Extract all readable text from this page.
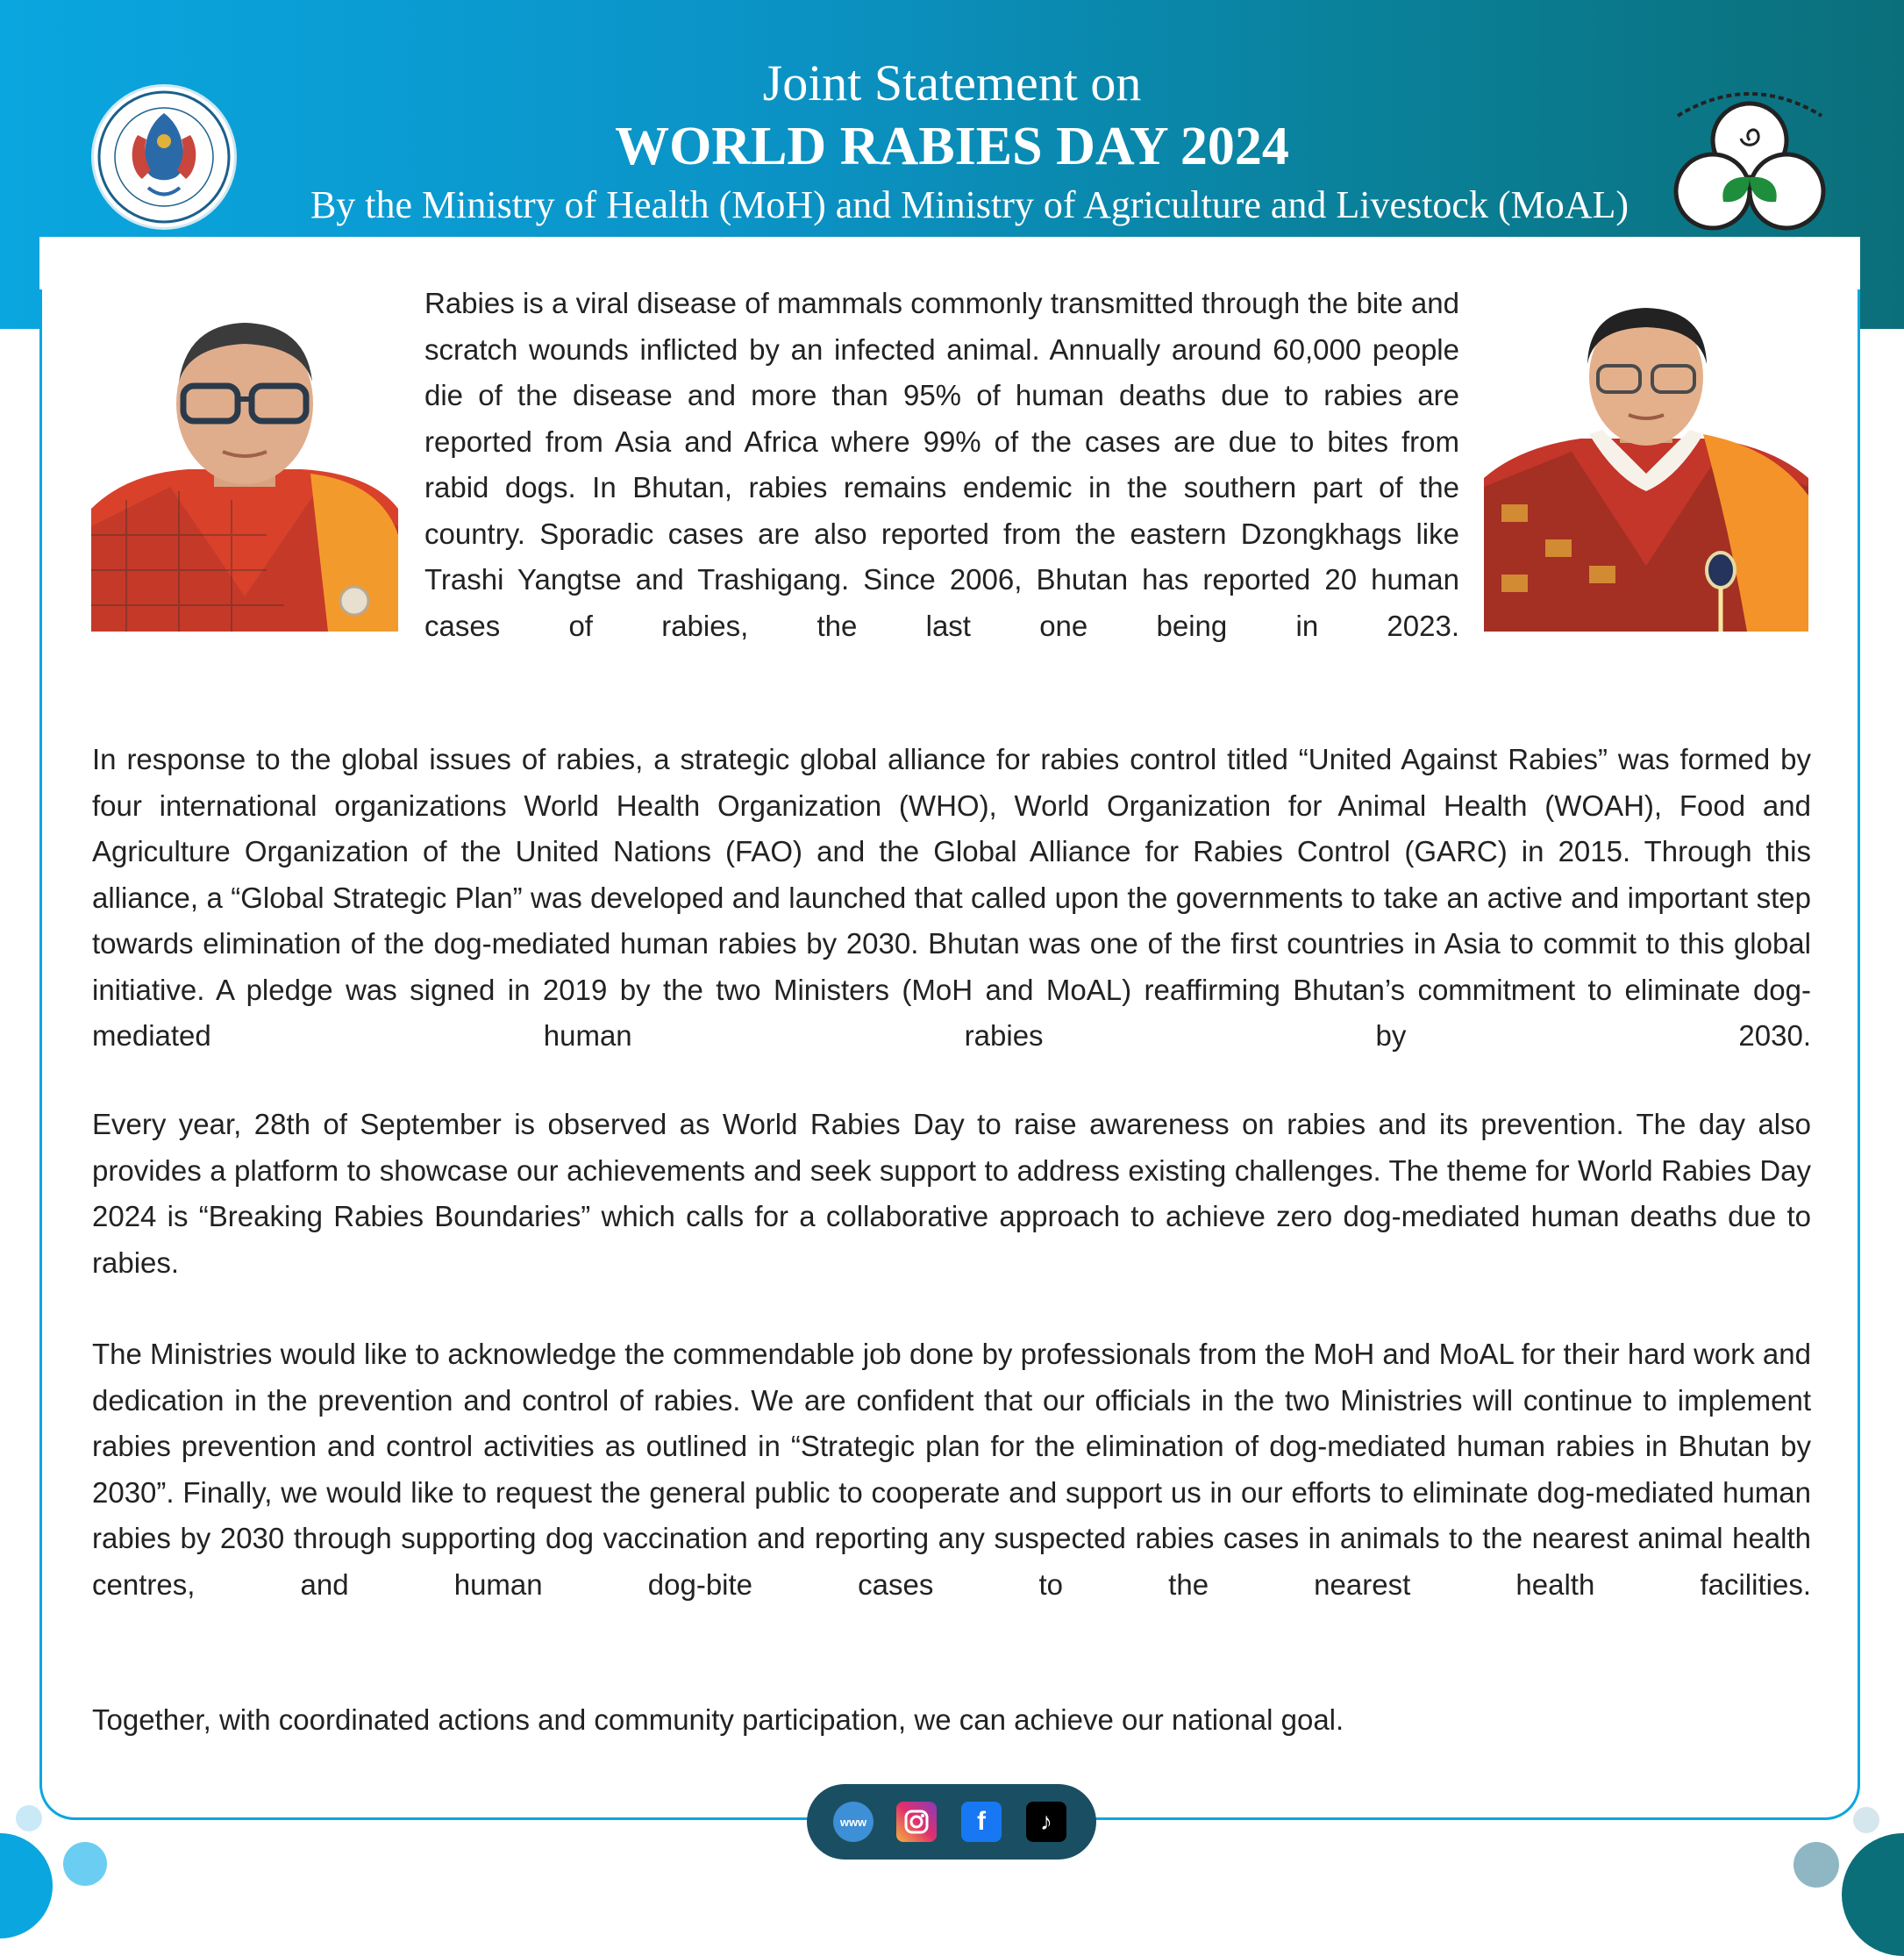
Joint Statement on
WORLD RABIES DAY 2024
By the Ministry of Health (MoH) and Ministry of Agriculture and Livestock (MoAL)

Rabies is a viral disease of mammals commonly transmitted through the bite and scratch wounds inflicted by an infected animal. Annually around 60,000 people die of the disease and more than 95% of human deaths due to rabies are reported from Asia and Africa where 99% of the cases are due to bites from rabid dogs. In Bhutan, rabies remains endemic in the southern part of the country. Sporadic cases are also reported from the eastern Dzongkhags like Trashi Yangtse and Trashigang. Since 2006, Bhutan has reported 20 human cases of rabies, the last one being in 2023.

In response to the global issues of rabies, a strategic global alliance for rabies control titled “United Against Rabies” was formed by four international organizations World Health Organization (WHO), World Organization for Animal Health (WOAH), Food and Agriculture Organization of the United Nations (FAO) and the Global Alliance for Rabies Control (GARC) in 2015. Through this alliance, a “Global Strategic Plan” was developed and launched that called upon the governments to take an active and important step towards elimination of the dog-mediated human rabies by 2030. Bhutan was one of the first countries in Asia to commit to this global initiative. A pledge was signed in 2019 by the two Ministers (MoH and MoAL) reaffirming Bhutan’s commitment to eliminate dog-mediated human rabies by 2030.

Every year, 28th of September is observed as World Rabies Day to raise awareness on rabies and its prevention. The day also provides a platform to showcase our achievements and seek support to address existing challenges. The theme for World Rabies Day 2024 is “Breaking Rabies Boundaries” which calls for a collaborative approach to achieve zero dog-mediated human deaths due to rabies.

The Ministries would like to acknowledge the commendable job done by professionals from the MoH and MoAL for their hard work and dedication in the prevention and control of rabies. We are confident that our officials in the two Ministries will continue to implement rabies prevention and control activities as outlined in “Strategic plan for the elimination of dog-mediated human rabies in Bhutan by 2030”. Finally, we would like to request the general public to cooperate and support us in our efforts to eliminate dog-mediated human rabies by 2030 through supporting dog vaccination and reporting any suspected rabies cases in animals to the nearest animal health centres, and human dog-bite cases to the nearest health facilities.

Together, with coordinated actions and community participation, we can achieve our national goal.

www	f	♪
